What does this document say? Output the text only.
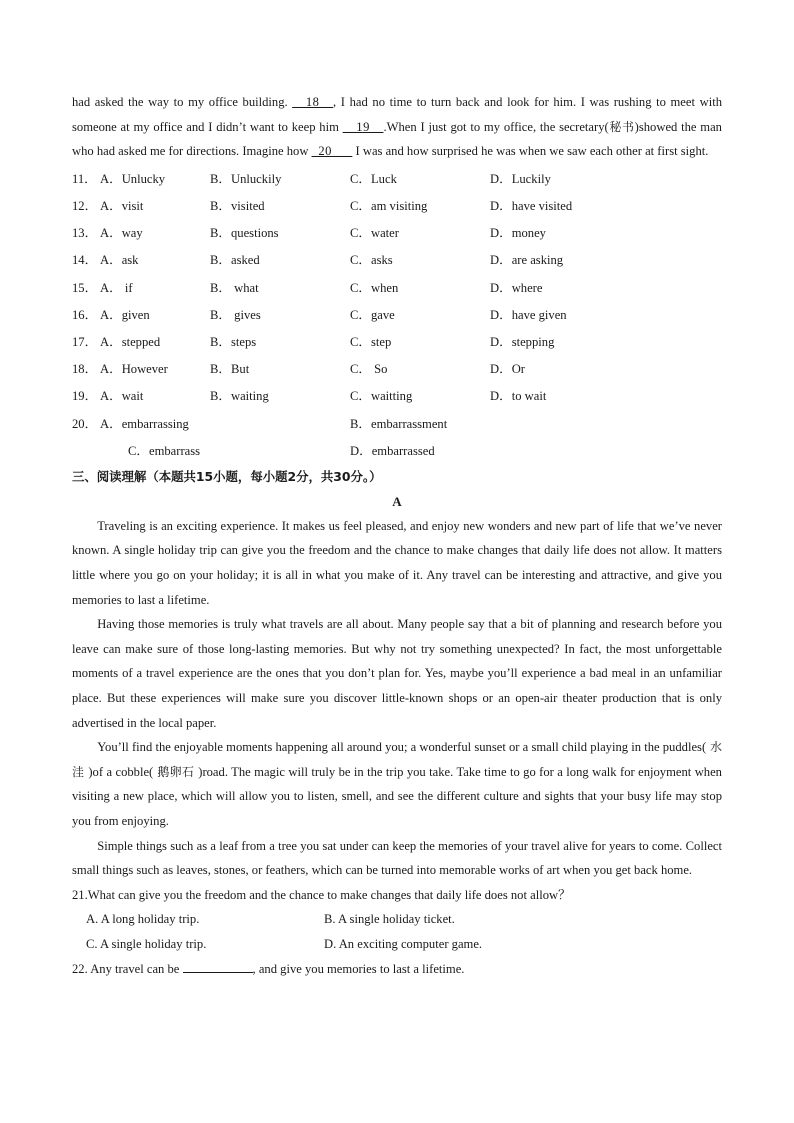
had asked the way to my office building. __18__, I had no time to turn back and look for him. I was rushing to meet with someone at my office and I didn’t want to keep him __19__.When I just got to my office, the secretary(秘书)showed the man who had asked me for directions. Imagine how _20___ I was and how surprised he was when we saw each other at first sight.

11．	A．Unlucky	B．Unluckily	C．Luck	D．Luckily
12．	A．visit	B．visited	C．am visiting	D．have visited
13．	A．way	B．questions	C．water	D．money
14．	A．ask	B．asked	C．asks	D．are asking
15．	A． if	B． what	C．when	D．where
16．	A．given	B． gives	C．gave	D．have given
17．	A．stepped	B．steps	C．step	D．stepping
18．	A．However	B．But	C． So	D．Or
19．	A．wait	B．waiting	C．waitting	D．to wait
20．	A．embarrassing		B．embarrassment	
	C．embarrass		D．embarrassed	
三、阅读理解（本题共15小题，每小题2分，共30分。）
A

Traveling is an exciting experience. It makes us feel pleased, and enjoy new wonders and new part of life that we’ve never known. A single holiday trip can give you the freedom and the chance to make changes that daily life does not allow. It matters little where you go on your holiday; it is all in what you make of it. Any travel can be interesting and attractive, and give you memories to last a lifetime.

Having those memories is truly what travels are all about. Many people say that a bit of planning and research before you leave can make sure of those long-lasting memories. But why not try something unexpected? In fact, the most unforgettable moments of a travel experience are the ones that you don’t plan for. Yes, maybe you’ll experience a bad meal in an unfamiliar place. But these experiences will make sure you discover little-known shops or an open-air theater production that is only advertised in the local paper.

You’ll find the enjoyable moments happening all around you; a wonderful sunset or a small child playing in the puddles( 水洼 )of a cobble( 鹅卵石 )road. The magic will truly be in the trip you take. Take time to go for a long walk for enjoyment when visiting a new place, which will allow you to listen, smell, and see the different culture and sights that your busy life may stop you from enjoying.

Simple things such as a leaf from a tree you sat under can keep the memories of your travel alive for years to come. Collect small things such as leaves, stones, or feathers, which can be turned into memorable works of art when you get back home.

21.What can give you the freedom and the chance to make changes that daily life does not allow？
A. A long holiday trip.	B. A single holiday ticket.
C. A single holiday trip.	D. An exciting computer game.
22. Any travel can be	, and give you memories to last a lifetime.
